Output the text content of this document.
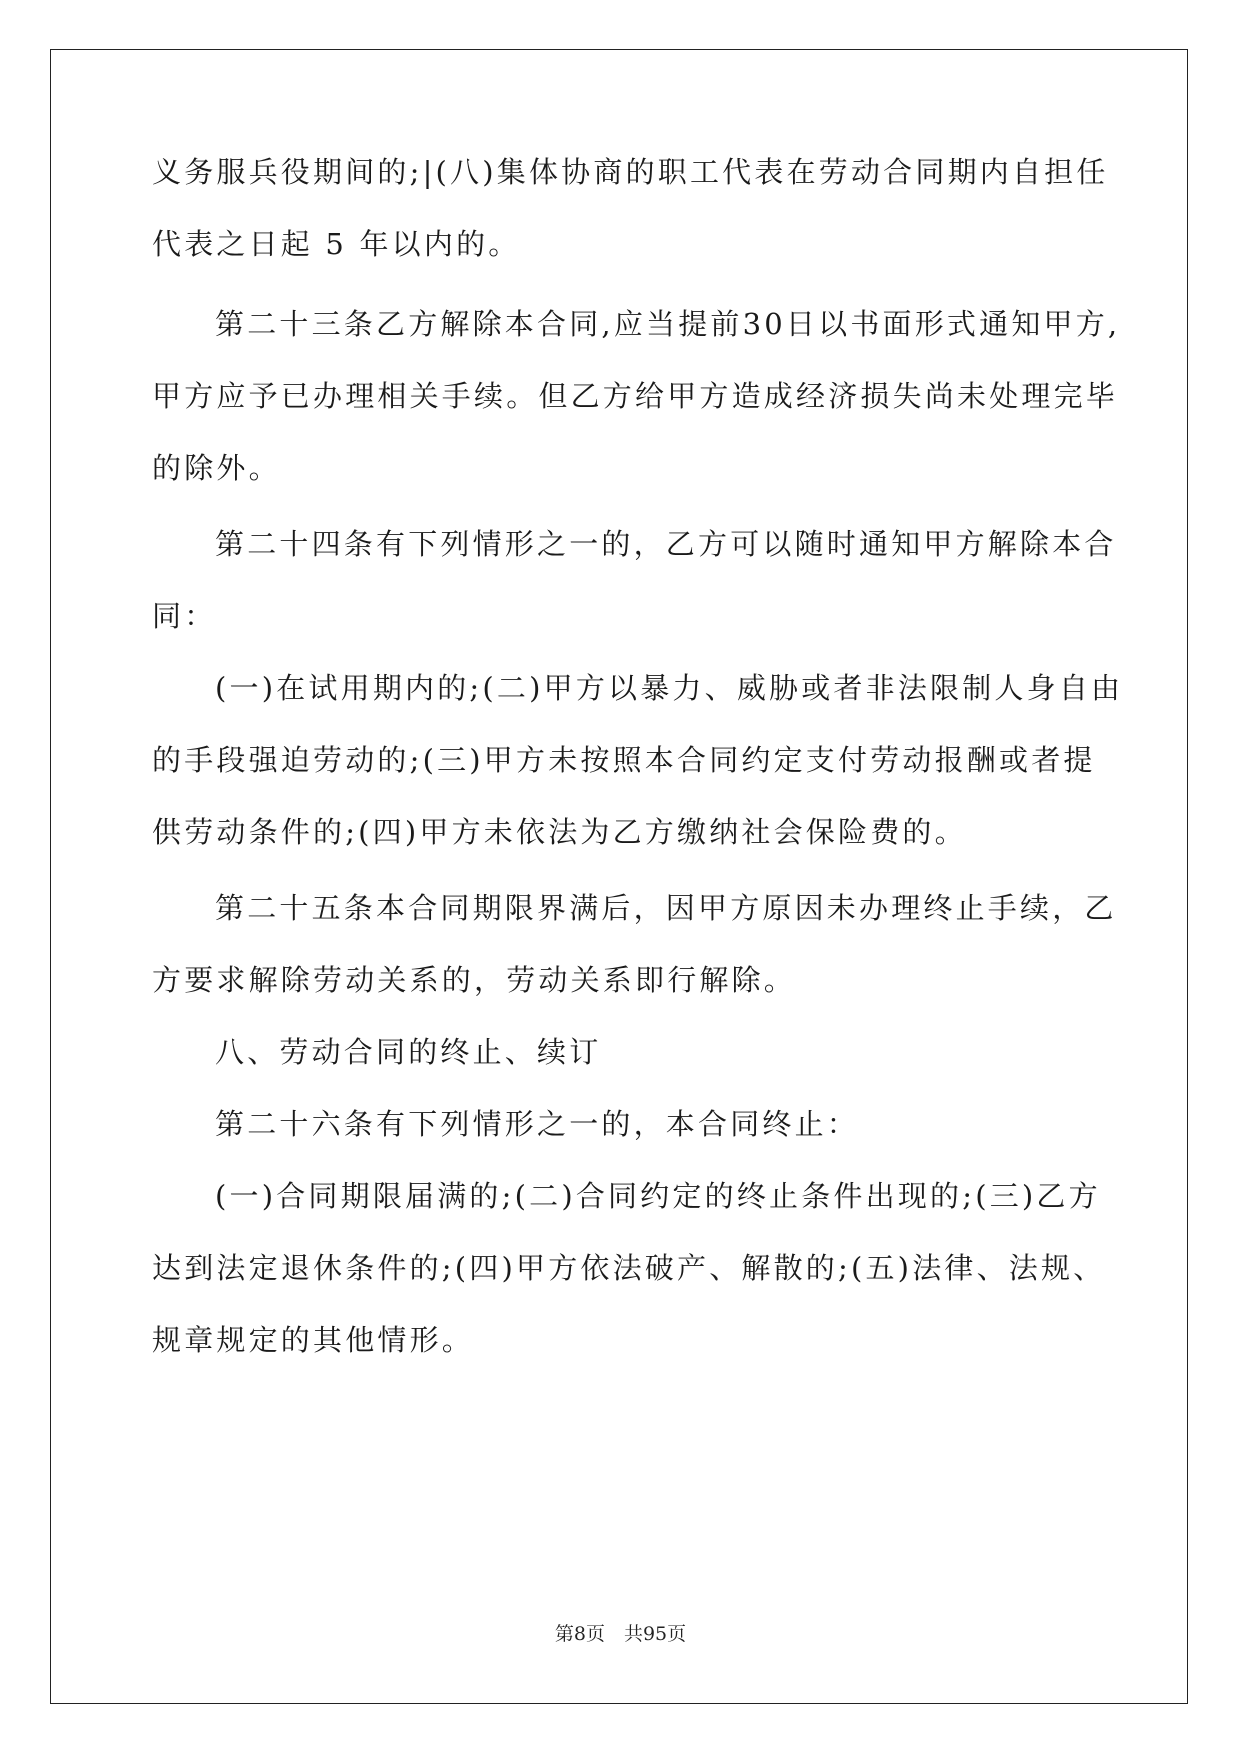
义务服兵役期间的;|(八)集体协商的职工代表在劳动合同期内自担任
代表之日起 5 年以内的。
第二十三条乙方解除本合同,应当提前30日以书面形式通知甲方,
甲方应予已办理相关手续。但乙方给甲方造成经济损失尚未处理完毕
的除外。
第二十四条有下列情形之一的，乙方可以随时通知甲方解除本合
同：
(一)在试用期内的;(二)甲方以暴力、威胁或者非法限制人身自由
的手段强迫劳动的;(三)甲方未按照本合同约定支付劳动报酬或者提
供劳动条件的;(四)甲方未依法为乙方缴纳社会保险费的。
第二十五条本合同期限界满后，因甲方原因未办理终止手续，乙
方要求解除劳动关系的，劳动关系即行解除。
八、劳动合同的终止、续订
第二十六条有下列情形之一的，本合同终止：
(一)合同期限届满的;(二)合同约定的终止条件出现的;(三)乙方
达到法定退休条件的;(四)甲方依法破产、解散的;(五)法律、法规、
规章规定的其他情形。
第8页　共95页
